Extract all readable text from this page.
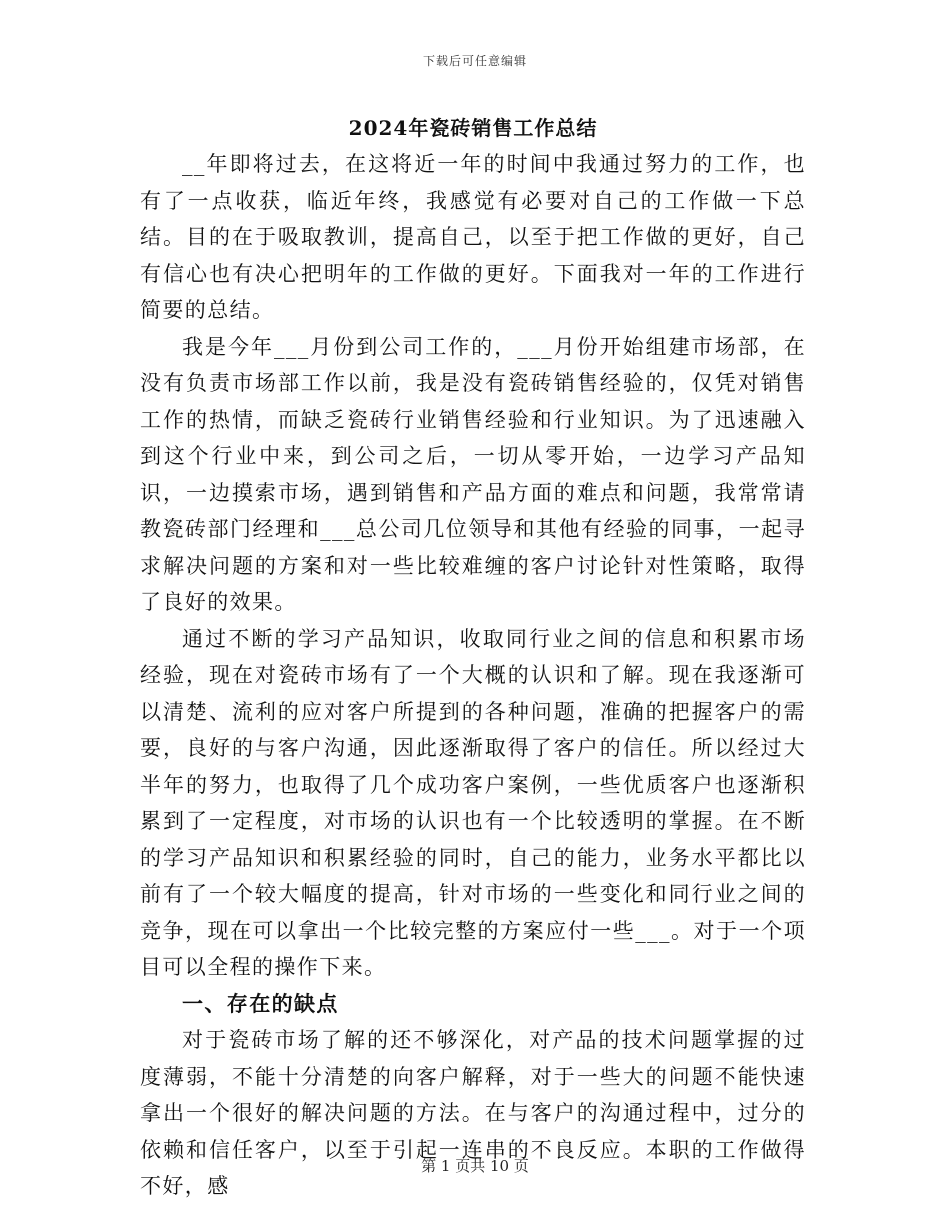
下载后可任意编辑
2024年瓷砖销售工作总结

__年即将过去，在这将近一年的时间中我通过努力的工作，也有了一点收获，临近年终，我感觉有必要对自己的工作做一下总结。目的在于吸取教训，提高自己，以至于把工作做的更好，自己有信心也有决心把明年的工作做的更好。下面我对一年的工作进行简要的总结。

我是今年___月份到公司工作的，___月份开始组建市场部，在没有负责市场部工作以前，我是没有瓷砖销售经验的，仅凭对销售工作的热情，而缺乏瓷砖行业销售经验和行业知识。为了迅速融入到这个行业中来，到公司之后，一切从零开始，一边学习产品知识，一边摸索市场，遇到销售和产品方面的难点和问题，我常常请教瓷砖部门经理和___总公司几位领导和其他有经验的同事，一起寻求解决问题的方案和对一些比较难缠的客户讨论针对性策略，取得了良好的效果。

通过不断的学习产品知识，收取同行业之间的信息和积累市场经验，现在对瓷砖市场有了一个大概的认识和了解。现在我逐渐可以清楚、流利的应对客户所提到的各种问题，准确的把握客户的需要，良好的与客户沟通，因此逐渐取得了客户的信任。所以经过大半年的努力，也取得了几个成功客户案例，一些优质客户也逐渐积累到了一定程度，对市场的认识也有一个比较透明的掌握。在不断的学习产品知识和积累经验的同时，自己的能力，业务水平都比以前有了一个较大幅度的提高，针对市场的一些变化和同行业之间的竞争，现在可以拿出一个比较完整的方案应付一些___。对于一个项目可以全程的操作下来。

一、存在的缺点

对于瓷砖市场了解的还不够深化，对产品的技术问题掌握的过度薄弱，不能十分清楚的向客户解释，对于一些大的问题不能快速拿出一个很好的解决问题的方法。在与客户的沟通过程中，过分的依赖和信任客户，以至于引起一连串的不良反应。本职的工作做得不好，感

第 1 页共 10 页
